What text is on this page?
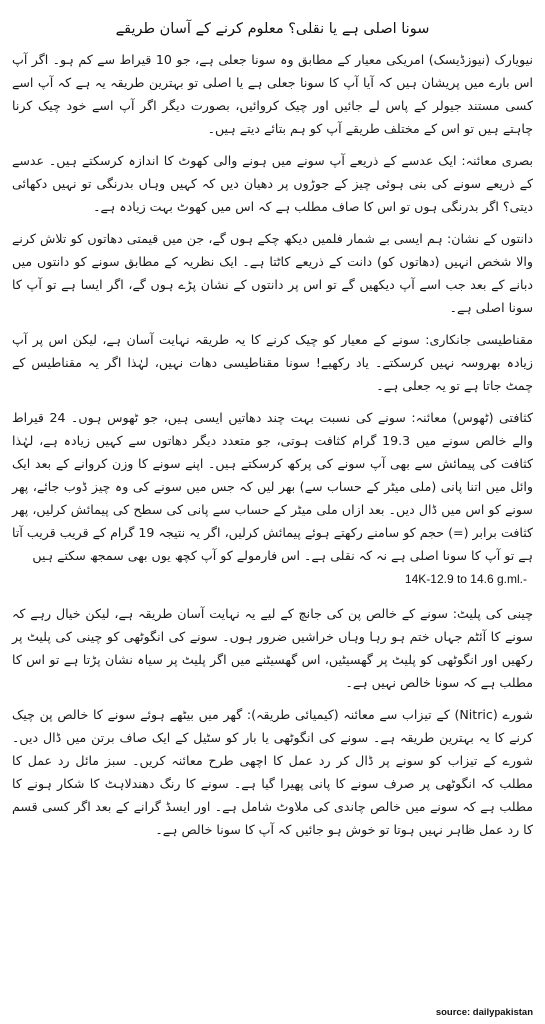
سونا اصلی ہے یا نقلی؟ معلوم کرنے کے آسان طریقے

نیویارک (نیوزڈیسک) امریکی معیار کے مطابق وہ سونا جعلی ہے، جو 10 قیراط سے کم ہو۔ اگر آپ اس بارے میں پریشان ہیں کہ آیا آپ کا سونا جعلی ہے یا اصلی تو بہترین طریقہ یہ ہے کہ آپ اسے کسی مستند جیولر کے پاس لے جائیں اور چیک کروائیں، بصورت دیگر اگر آپ اسے خود چیک کرنا چاہتے ہیں تو اس کے مختلف طریقے آپ کو ہم بتائے دیتے ہیں۔

بصری معائنہ: ایک عدسے کے ذریعے آپ سونے میں ہونے والی کھوٹ کا اندازہ کرسکتے ہیں۔ عدسے کے ذریعے سونے کی بنی ہوئی چیز کے جوڑوں پر دھیان دیں کہ کہیں وہاں بدرنگی تو نہیں دکھائی دیتی؟ اگر بدرنگی ہوں تو اس کا صاف مطلب ہے کہ اس میں کھوٹ بہت زیادہ ہے۔

دانتوں کے نشان: ہم ایسی بے شمار فلمیں دیکھ چکے ہوں گے، جن میں قیمتی دھاتوں کو تلاش کرنے والا شخص انہیں (دھاتوں کو) دانت کے ذریعے کاٹتا ہے۔ ایک نظریہ کے مطابق سونے کو دانتوں میں دبانے کے بعد جب اسے آپ دیکھیں گے تو اس پر دانتوں کے نشان پڑے ہوں گے، اگر ایسا ہے تو آپ کا سونا اصلی ہے۔

مقناطیسی جانکاری: سونے کے معیار کو چیک کرنے کا یہ طریقہ نہایت آسان ہے، لیکن اس پر آپ زیادہ بھروسہ نہیں کرسکتے۔ یاد رکھیے! سونا مقناطیسی دھات نہیں، لہٰذا اگر یہ مقناطیس کے چمٹ جاتا ہے تو یہ جعلی ہے۔

کثافتی (ٹھوس) معائنہ: سونے کی نسبت بہت چند دھاتیں ایسی ہیں، جو ٹھوس ہوں۔ 24 قیراط والے خالص سونے میں 19.3 گرام کثافت ہوتی، جو متعدد دیگر دھاتوں سے کہیں زیادہ ہے، لہٰذا کثافت کی پیمائش سے بھی آپ سونے کی پرکھ کرسکتے ہیں۔ اپنے سونے کا وزن کروانے کے بعد ایک وائل میں اتنا پانی (ملی میٹر کے حساب سے) بھر لیں کہ جس میں سونے کی وہ چیز ڈوب جائے، پھر سونے کو اس میں ڈال دیں۔ بعد ازاں ملی میٹر کے حساب سے پانی کی سطح کی پیمائش کرلیں، پھر کثافت برابر (=) حجم کو سامنے رکھتے ہوئے پیمائش کرلیں، اگر یہ نتیجہ 19 گرام کے قریب قریب آتا ہے تو آپ کا سونا اصلی ہے نہ کہ نقلی ہے۔ اس فارمولے کو آپ کچھ یوں بھی سمجھ سکتے ہیں

14K-12.9 to 14.6 g.ml.-

چینی کی پلیٹ: سونے کے خالص پن کی جانچ کے لیے یہ نہایت آسان طریقہ ہے، لیکن خیال رہے کہ سونے کا آئٹم جہاں ختم ہو رہا وہاں خراشیں ضرور ہوں۔ سونے کی انگوٹھی کو چینی کی پلیٹ پر رکھیں اور انگوٹھی کو پلیٹ پر گھسیٹیں، اس گھسیٹنے میں اگر پلیٹ پر سیاہ نشان پڑتا ہے تو اس کا مطلب ہے کہ سونا خالص نہیں ہے۔

شورے (Nitric) کے تیزاب سے معائنہ (کیمیائی طریقہ): گھر میں بیٹھے ہوئے سونے کا خالص پن چیک کرنے کا یہ بہترین طریقہ ہے۔ سونے کی انگوٹھی یا بار کو سٹیل کے ایک صاف برتن میں ڈال دیں۔ شورے کے تیزاب کو سونے پر ڈال کر رد عمل کا اچھی طرح معائنہ کریں۔ سبز مائل رد عمل کا مطلب کہ انگوٹھی پر صرف سونے کا پانی پھیرا گیا ہے۔ سونے کا رنگ دھندلاہٹ کا شکار ہونے کا مطلب ہے کہ سونے میں خالص چاندی کی ملاوٹ شامل ہے۔ اور ایسڈ گرانے کے بعد اگر کسی قسم کا رد عمل ظاہر نہیں ہوتا تو خوش ہو جائیں کہ آپ کا سونا خالص ہے۔

source: dailypakistan
